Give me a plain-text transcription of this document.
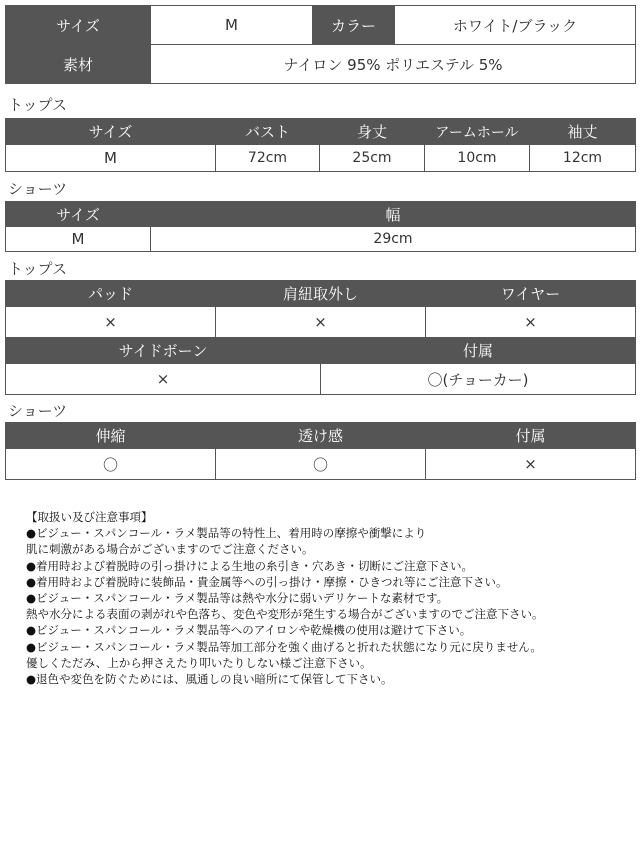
サイズ	M	カラー	ホワイト/ブラック
素材	ナイロン 95% ポリエステル 5%		
トップス
サイズ	バスト	身丈	アームホール	袖丈
M	72cm	25cm	10cm	12cm
ショーツ
サイズ	幅
M	29cm
トップス
パッド	肩紐取外し	ワイヤー
×	×	×
サイドボーン	付属
×	〇(チョーカー)
ショーツ
伸縮	透け感	付属
〇	〇	×
【取扱い及び注意事項】
●ビジュー・スパンコール・ラメ製品等の特性上、着用時の摩擦や衝撃により
肌に刺激がある場合がございますのでご注意ください。
●着用時および着脱時の引っ掛けによる生地の糸引き・穴あき・切断にご注意下さい。
●着用時および着脱時に装飾品・貴金属等への引っ掛け・摩擦・ひきつれ等にご注意下さい。
●ビジュー・スパンコール・ラメ製品等は熱や水分に弱いデリケートな素材です。
熱や水分による表面の剥がれや色落ち、変色や変形が発生する場合がございますのでご注意下さい。
●ビジュー・スパンコール・ラメ製品等へのアイロンや乾燥機の使用は避けて下さい。
●ビジュー・スパンコール・ラメ製品等加工部分を強く曲げると折れた状態になり元に戻りません。
優しくただみ、上から押さえたり叩いたりしない様ご注意下さい。
●退色や変色を防ぐためには、風通しの良い暗所にて保管して下さい。
